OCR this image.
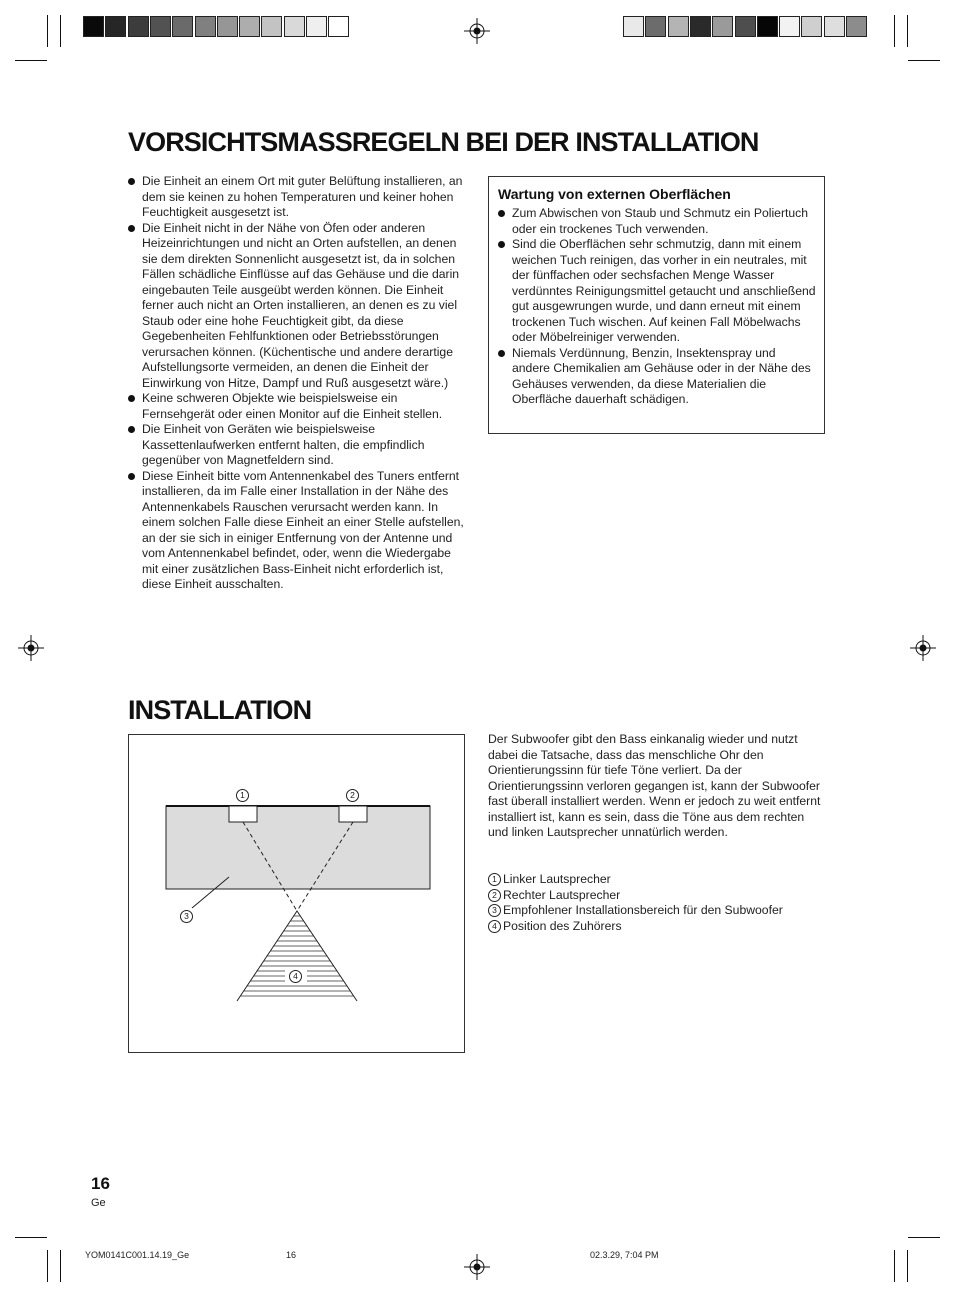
VORSICHTSMASSREGELN BEI DER INSTALLATION
Die Einheit an einem Ort mit guter Belüftung installieren, an dem sie keinen zu hohen Temperaturen und keiner hohen Feuchtigkeit ausgesetzt ist.
Die Einheit nicht in der Nähe von Öfen oder anderen Heizeinrichtungen und nicht an Orten aufstellen, an denen sie dem direkten Sonnenlicht ausgesetzt ist, da in solchen Fällen schädliche Einflüsse auf das Gehäuse und die darin eingebauten Teile ausgeübt werden können. Die Einheit ferner auch nicht an Orten installieren, an denen es zu viel Staub oder eine hohe Feuchtigkeit gibt, da diese Gegebenheiten Fehlfunktionen oder Betriebsstörungen verursachen können. (Küchentische und andere derartige Aufstellungsorte vermeiden, an denen die Einheit der Einwirkung von Hitze, Dampf und Ruß ausgesetzt wäre.)
Keine schweren Objekte wie beispielsweise ein Fernsehgerät oder einen Monitor auf die Einheit stellen.
Die Einheit von Geräten wie beispielsweise Kassettenlaufwerken entfernt halten, die empfindlich gegenüber von Magnetfeldern sind.
Diese Einheit bitte vom Antennenkabel des Tuners entfernt installieren, da im Falle einer Installation in der Nähe des Antennenkabels Rauschen verursacht werden kann. In einem solchen Falle diese Einheit an einer Stelle aufstellen, an der sie sich in einiger Entfernung von der Antenne und vom Antennenkabel befindet, oder, wenn die Wiedergabe mit einer zusätzlichen Bass-Einheit nicht erforderlich ist, diese Einheit ausschalten.
Wartung von externen Oberflächen
Zum Abwischen von Staub und Schmutz ein Poliertuch oder ein trockenes Tuch verwenden.
Sind die Oberflächen sehr schmutzig, dann mit einem weichen Tuch reinigen, das vorher in ein neutrales, mit der fünffachen oder sechsfachen Menge Wasser verdünntes Reinigungsmittel getaucht und anschließend gut ausgewrungen wurde, und dann erneut mit einem trockenen Tuch wischen. Auf keinen Fall Möbelwachs oder Möbelreiniger verwenden.
Niemals Verdünnung, Benzin, Insektenspray und andere Chemikalien am Gehäuse oder in der Nähe des Gehäuses verwenden, da diese Materialien die Oberfläche dauerhaft schädigen.
INSTALLATION
1	2
3
4

Der Subwoofer gibt den Bass einkanalig wieder und nutzt dabei die Tatsache, dass das menschliche Ohr den Orientierungssinn für tiefe Töne verliert. Da der Orientierungssinn verloren gegangen ist, kann der Subwoofer fast überall installiert werden. Wenn er jedoch zu weit entfernt installiert ist, kann es sein, dass die Töne aus dem rechten und linken Lautsprecher unnatürlich werden.

1 Linker Lautsprecher
2 Rechter Lautsprecher
3 Empfohlener Installationsbereich für den Subwoofer
4 Position des Zuhörers
16
Ge
YOM0141C001.14.19_Ge	16	02.3.29, 7:04 PM
